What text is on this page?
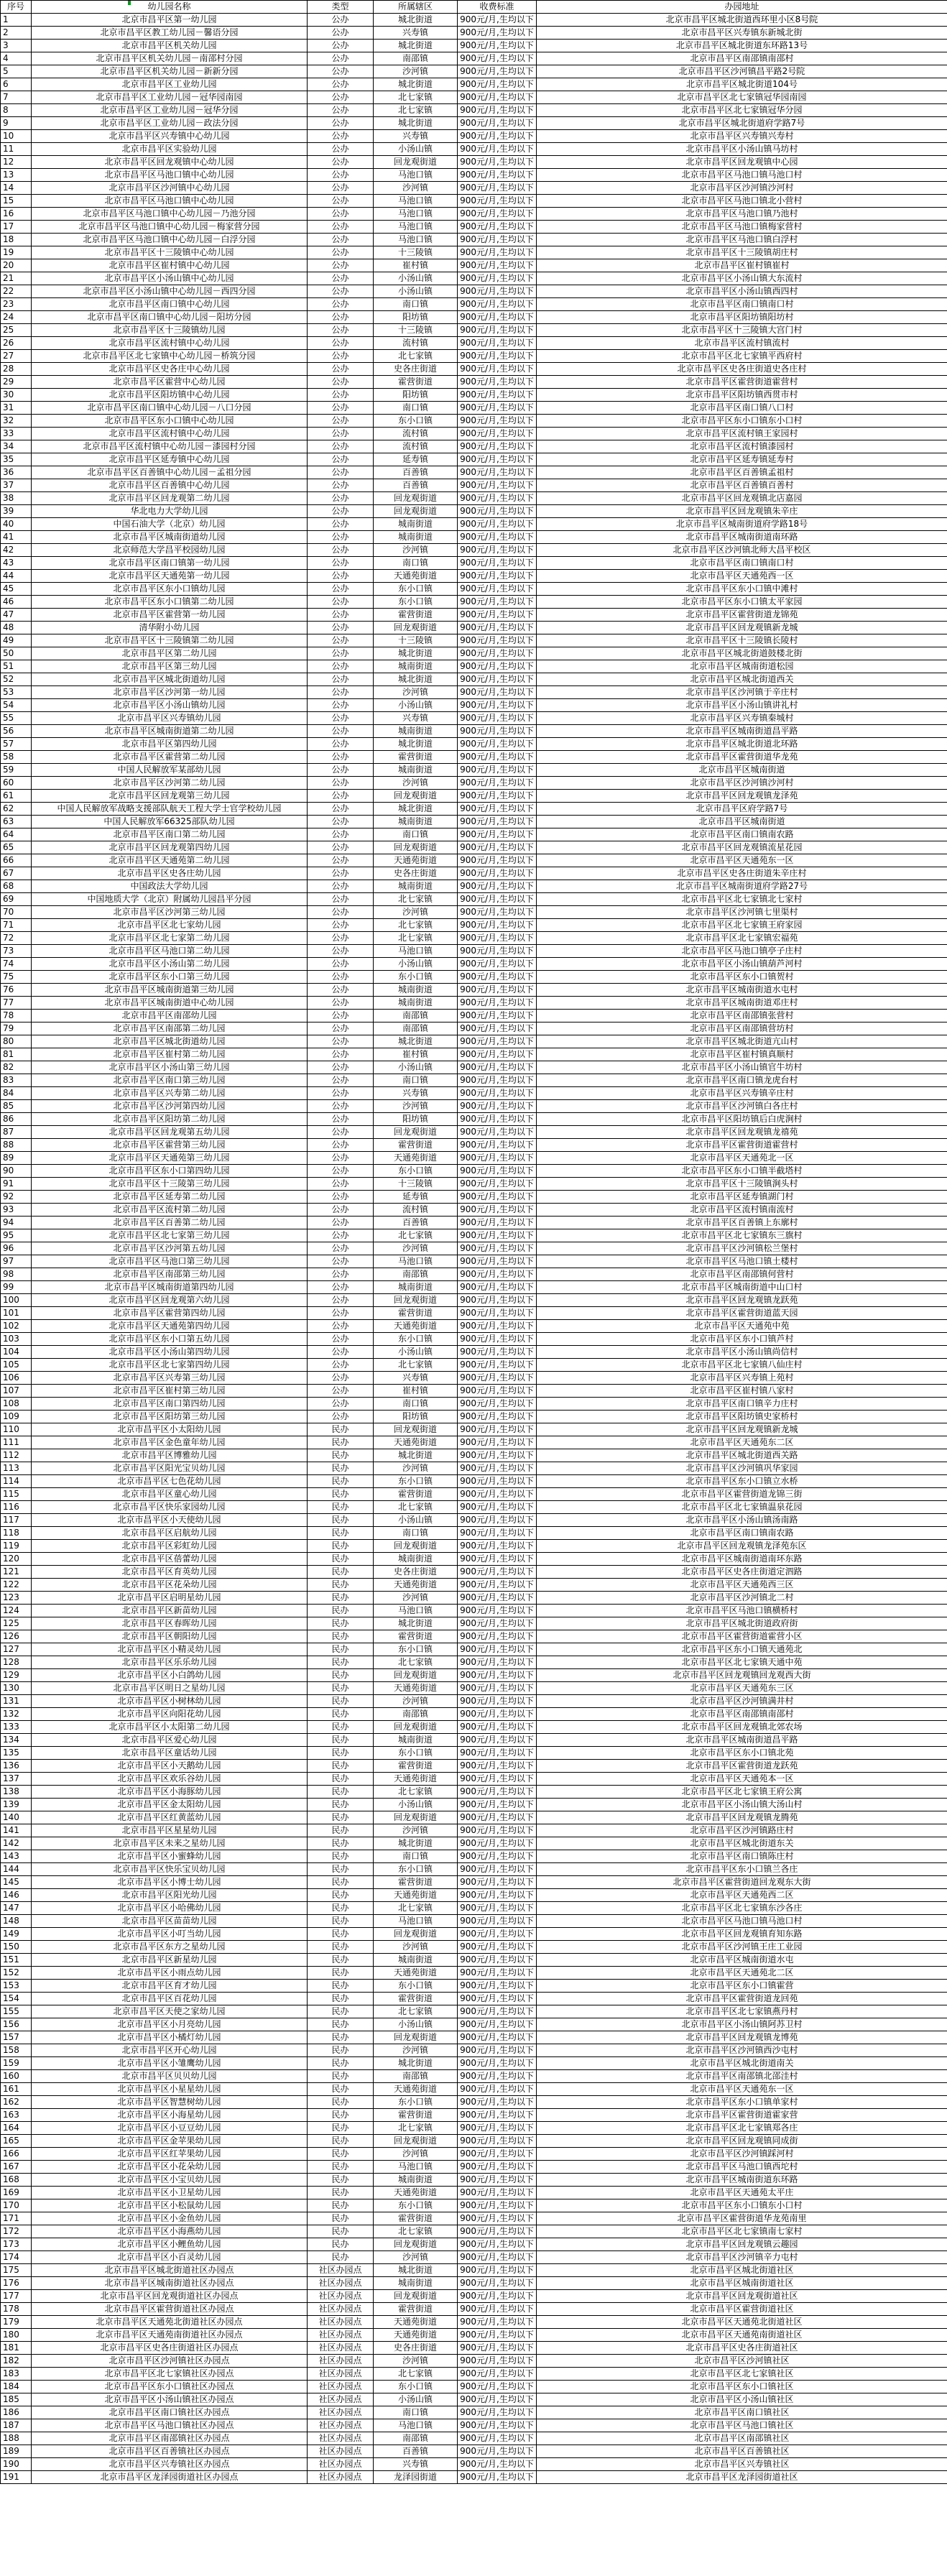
序号	幼儿园名称	类型	所属辖区	收费标准	办园地址
1	北京市昌平区第一幼儿园	公办	城北街道	900元/月,生均以下	北京市昌平区城北街道西环里小区8号院
2	北京市昌平区教工幼儿园－馨语分园	公办	兴寿镇	900元/月,生均以下	北京市昌平区兴寿镇东新城北街
3	北京市昌平区机关幼儿园	公办	城北街道	900元/月,生均以下	北京市昌平区城北街道东环路13号
4	北京市昌平区机关幼儿园－南邵村分园	公办	南邵镇	900元/月,生均以下	北京市昌平区南邵镇南邵村
5	北京市昌平区机关幼儿园－新新分园	公办	沙河镇	900元/月,生均以下	北京市昌平区沙河镇昌平路2号院
6	北京市昌平区工业幼儿园	公办	城北街道	900元/月,生均以下	北京市昌平区城北街道104号
7	北京市昌平区工业幼儿园－冠华园南园	公办	北七家镇	900元/月,生均以下	北京市昌平区北七家镇冠华园南园
8	北京市昌平区工业幼儿园－冠华分园	公办	北七家镇	900元/月,生均以下	北京市昌平区北七家镇冠华分园
9	北京市昌平区工业幼儿园－政法分园	公办	城北街道	900元/月,生均以下	北京市昌平区城北街道府学路7号
10	北京市昌平区兴寿镇中心幼儿园	公办	兴寿镇	900元/月,生均以下	北京市昌平区兴寿镇兴寿村
11	北京市昌平区实验幼儿园	公办	小汤山镇	900元/月,生均以下	北京市昌平区小汤山镇马坊村
12	北京市昌平区回龙观镇中心幼儿园	公办	回龙观街道	900元/月,生均以下	北京市昌平区回龙观镇中心园
13	北京市昌平区马池口镇中心幼儿园	公办	马池口镇	900元/月,生均以下	北京市昌平区马池口镇马池口村
14	北京市昌平区沙河镇中心幼儿园	公办	沙河镇	900元/月,生均以下	北京市昌平区沙河镇沙河村
15	北京市昌平区马池口镇中心幼儿园	公办	马池口镇	900元/月,生均以下	北京市昌平区马池口镇北小营村
16	北京市昌平区马池口镇中心幼儿园－乃池分园	公办	马池口镇	900元/月,生均以下	北京市昌平区马池口镇乃池村
17	北京市昌平区马池口镇中心幼儿园－梅家营分园	公办	马池口镇	900元/月,生均以下	北京市昌平区马池口镇梅家营村
18	北京市昌平区马池口镇中心幼儿园－白浮分园	公办	马池口镇	900元/月,生均以下	北京市昌平区马池口镇白浮村
19	北京市昌平区十三陵镇中心幼儿园	公办	十三陵镇	900元/月,生均以下	北京市昌平区十三陵镇胡庄村
20	北京市昌平区崔村镇中心幼儿园	公办	崔村镇	900元/月,生均以下	北京市昌平区崔村镇崔村
21	北京市昌平区小汤山镇中心幼儿园	公办	小汤山镇	900元/月,生均以下	北京市昌平区小汤山镇大东流村
22	北京市昌平区小汤山镇中心幼儿园－西四分园	公办	小汤山镇	900元/月,生均以下	北京市昌平区小汤山镇西四村
23	北京市昌平区南口镇中心幼儿园	公办	南口镇	900元/月,生均以下	北京市昌平区南口镇南口村
24	北京市昌平区南口镇中心幼儿园－阳坊分园	公办	阳坊镇	900元/月,生均以下	北京市昌平区阳坊镇阳坊村
25	北京市昌平区十三陵镇幼儿园	公办	十三陵镇	900元/月,生均以下	北京市昌平区十三陵镇大宫门村
26	北京市昌平区流村镇中心幼儿园	公办	流村镇	900元/月,生均以下	北京市昌平区流村镇流村
27	北京市昌平区北七家镇中心幼儿园－桥筑分园	公办	北七家镇	900元/月,生均以下	北京市昌平区北七家镇平西府村
28	北京市昌平区史各庄中心幼儿园	公办	史各庄街道	900元/月,生均以下	北京市昌平区史各庄街道史各庄村
29	北京市昌平区霍营中心幼儿园	公办	霍营街道	900元/月,生均以下	北京市昌平区霍营街道霍营村
30	北京市昌平区阳坊镇中心幼儿园	公办	阳坊镇	900元/月,生均以下	北京市昌平区阳坊镇西贯市村
31	北京市昌平区南口镇中心幼儿园－八口分园	公办	南口镇	900元/月,生均以下	北京市昌平区南口镇八口村
32	北京市昌平区东小口镇中心幼儿园	公办	东小口镇	900元/月,生均以下	北京市昌平区东小口镇东小口村
33	北京市昌平区流村镇中心幼儿园	公办	流村镇	900元/月,生均以下	北京市昌平区流村镇王家园村
34	北京市昌平区流村镇中心幼儿园－漆园村分园	公办	流村镇	900元/月,生均以下	北京市昌平区流村镇漆园村
35	北京市昌平区延寿镇中心幼儿园	公办	延寿镇	900元/月,生均以下	北京市昌平区延寿镇延寿村
36	北京市昌平区百善镇中心幼儿园－孟祖分园	公办	百善镇	900元/月,生均以下	北京市昌平区百善镇孟祖村
37	北京市昌平区百善镇中心幼儿园	公办	百善镇	900元/月,生均以下	北京市昌平区百善镇百善村
38	北京市昌平区回龙观第二幼儿园	公办	回龙观街道	900元/月,生均以下	北京市昌平区回龙观镇北店嘉园
39	华北电力大学幼儿园	公办	回龙观街道	900元/月,生均以下	北京市昌平区回龙观镇朱辛庄
40	中国石油大学（北京）幼儿园	公办	城南街道	900元/月,生均以下	北京市昌平区城南街道府学路18号
41	北京市昌平区城南街道幼儿园	公办	城南街道	900元/月,生均以下	北京市昌平区城南街道南环路
42	北京师范大学昌平校园幼儿园	公办	沙河镇	900元/月,生均以下	北京市昌平区沙河镇北师大昌平校区
43	北京市昌平区南口镇第一幼儿园	公办	南口镇	900元/月,生均以下	北京市昌平区南口镇南口村
44	北京市昌平区天通苑第一幼儿园	公办	天通苑街道	900元/月,生均以下	北京市昌平区天通苑西一区
45	北京市昌平区东小口镇幼儿园	公办	东小口镇	900元/月,生均以下	北京市昌平区东小口镇中滩村
46	北京市昌平区东小口镇第二幼儿园	公办	东小口镇	900元/月,生均以下	北京市昌平区东小口镇太平家园
47	北京市昌平区霍营第一幼儿园	公办	霍营街道	900元/月,生均以下	北京市昌平区霍营街道龙锦苑
48	清华附小幼儿园	公办	回龙观街道	900元/月,生均以下	北京市昌平区回龙观镇新龙城
49	北京市昌平区十三陵镇第二幼儿园	公办	十三陵镇	900元/月,生均以下	北京市昌平区十三陵镇长陵村
50	北京市昌平区第二幼儿园	公办	城北街道	900元/月,生均以下	北京市昌平区城北街道鼓楼北街
51	北京市昌平区第三幼儿园	公办	城南街道	900元/月,生均以下	北京市昌平区城南街道松园
52	北京市昌平区城北街道幼儿园	公办	城北街道	900元/月,生均以下	北京市昌平区城北街道西关
53	北京市昌平区沙河第一幼儿园	公办	沙河镇	900元/月,生均以下	北京市昌平区沙河镇于辛庄村
54	北京市昌平区小汤山镇幼儿园	公办	小汤山镇	900元/月,生均以下	北京市昌平区小汤山镇讲礼村
55	北京市昌平区兴寿镇幼儿园	公办	兴寿镇	900元/月,生均以下	北京市昌平区兴寿镇秦城村
56	北京市昌平区城南街道第二幼儿园	公办	城南街道	900元/月,生均以下	北京市昌平区城南街道昌平路
57	北京市昌平区第四幼儿园	公办	城北街道	900元/月,生均以下	北京市昌平区城北街道北环路
58	北京市昌平区霍营第二幼儿园	公办	霍营街道	900元/月,生均以下	北京市昌平区霍营街道华龙苑
59	中国人民解放军某部幼儿园	公办	城南街道	900元/月,生均以下	北京市昌平区城南街道
60	北京市昌平区沙河第二幼儿园	公办	沙河镇	900元/月,生均以下	北京市昌平区沙河镇沙河村
61	北京市昌平区回龙观第三幼儿园	公办	回龙观街道	900元/月,生均以下	北京市昌平区回龙观镇龙泽苑
62	中国人民解放军战略支援部队航天工程大学士官学校幼儿园	公办	城北街道	900元/月,生均以下	北京市昌平区府学路7号
63	中国人民解放军66325部队幼儿园	公办	城南街道	900元/月,生均以下	北京市昌平区城南街道
64	北京市昌平区南口第二幼儿园	公办	南口镇	900元/月,生均以下	北京市昌平区南口镇南农路
65	北京市昌平区回龙观第四幼儿园	公办	回龙观街道	900元/月,生均以下	北京市昌平区回龙观镇流星花园
66	北京市昌平区天通苑第二幼儿园	公办	天通苑街道	900元/月,生均以下	北京市昌平区天通苑东一区
67	北京市昌平区史各庄幼儿园	公办	史各庄街道	900元/月,生均以下	北京市昌平区史各庄街道朱辛庄村
68	中国政法大学幼儿园	公办	城南街道	900元/月,生均以下	北京市昌平区城南街道府学路27号
69	中国地质大学（北京）附属幼儿园昌平分园	公办	北七家镇	900元/月,生均以下	北京市昌平区北七家镇北七家村
70	北京市昌平区沙河第三幼儿园	公办	沙河镇	900元/月,生均以下	北京市昌平区沙河镇七里渠村
71	北京市昌平区北七家幼儿园	公办	北七家镇	900元/月,生均以下	北京市昌平区北七家镇王府家园
72	北京市昌平区北七家第二幼儿园	公办	北七家镇	900元/月,生均以下	北京市昌平区北七家镇宏福苑
73	北京市昌平区马池口第二幼儿园	公办	马池口镇	900元/月,生均以下	北京市昌平区马池口镇亭子庄村
74	北京市昌平区小汤山第二幼儿园	公办	小汤山镇	900元/月,生均以下	北京市昌平区小汤山镇葫芦河村
75	北京市昌平区东小口第三幼儿园	公办	东小口镇	900元/月,生均以下	北京市昌平区东小口镇贺村
76	北京市昌平区城南街道第三幼儿园	公办	城南街道	900元/月,生均以下	北京市昌平区城南街道水屯村
77	北京市昌平区城南街道中心幼儿园	公办	城南街道	900元/月,生均以下	北京市昌平区城南街道邓庄村
78	北京市昌平区南邵幼儿园	公办	南邵镇	900元/月,生均以下	北京市昌平区南邵镇张营村
79	北京市昌平区南邵第二幼儿园	公办	南邵镇	900元/月,生均以下	北京市昌平区南邵镇营坊村
80	北京市昌平区城北街道幼儿园	公办	城北街道	900元/月,生均以下	北京市昌平区城北街道亢山村
81	北京市昌平区崔村第二幼儿园	公办	崔村镇	900元/月,生均以下	北京市昌平区崔村镇真顺村
82	北京市昌平区小汤山第三幼儿园	公办	小汤山镇	900元/月,生均以下	北京市昌平区小汤山镇官牛坊村
83	北京市昌平区南口第三幼儿园	公办	南口镇	900元/月,生均以下	北京市昌平区南口镇龙虎台村
84	北京市昌平区兴寿第二幼儿园	公办	兴寿镇	900元/月,生均以下	北京市昌平区兴寿镇辛庄村
85	北京市昌平区沙河第四幼儿园	公办	沙河镇	900元/月,生均以下	北京市昌平区沙河镇白各庄村
86	北京市昌平区阳坊第二幼儿园	公办	阳坊镇	900元/月,生均以下	北京市昌平区阳坊镇后白虎涧村
87	北京市昌平区回龙观第五幼儿园	公办	回龙观街道	900元/月,生均以下	北京市昌平区回龙观镇龙禧苑
88	北京市昌平区霍营第三幼儿园	公办	霍营街道	900元/月,生均以下	北京市昌平区霍营街道霍营村
89	北京市昌平区天通苑第三幼儿园	公办	天通苑街道	900元/月,生均以下	北京市昌平区天通苑北一区
90	北京市昌平区东小口第四幼儿园	公办	东小口镇	900元/月,生均以下	北京市昌平区东小口镇半截塔村
91	北京市昌平区十三陵第三幼儿园	公办	十三陵镇	900元/月,生均以下	北京市昌平区十三陵镇涧头村
92	北京市昌平区延寿第二幼儿园	公办	延寿镇	900元/月,生均以下	北京市昌平区延寿镇湖门村
93	北京市昌平区流村第二幼儿园	公办	流村镇	900元/月,生均以下	北京市昌平区流村镇南流村
94	北京市昌平区百善第二幼儿园	公办	百善镇	900元/月,生均以下	北京市昌平区百善镇上东廓村
95	北京市昌平区北七家第三幼儿园	公办	北七家镇	900元/月,生均以下	北京市昌平区北七家镇东三旗村
96	北京市昌平区沙河第五幼儿园	公办	沙河镇	900元/月,生均以下	北京市昌平区沙河镇松兰堡村
97	北京市昌平区马池口第三幼儿园	公办	马池口镇	900元/月,生均以下	北京市昌平区马池口镇土楼村
98	北京市昌平区南邵第三幼儿园	公办	南邵镇	900元/月,生均以下	北京市昌平区南邵镇何营村
99	北京市昌平区城南街道第四幼儿园	公办	城南街道	900元/月,生均以下	北京市昌平区城南街道中山口村
100	北京市昌平区回龙观第六幼儿园	公办	回龙观街道	900元/月,生均以下	北京市昌平区回龙观镇龙跃苑
101	北京市昌平区霍营第四幼儿园	公办	霍营街道	900元/月,生均以下	北京市昌平区霍营街道蓝天园
102	北京市昌平区天通苑第四幼儿园	公办	天通苑街道	900元/月,生均以下	北京市昌平区天通苑中苑
103	北京市昌平区东小口第五幼儿园	公办	东小口镇	900元/月,生均以下	北京市昌平区东小口镇芦村
104	北京市昌平区小汤山第四幼儿园	公办	小汤山镇	900元/月,生均以下	北京市昌平区小汤山镇尚信村
105	北京市昌平区北七家第四幼儿园	公办	北七家镇	900元/月,生均以下	北京市昌平区北七家镇八仙庄村
106	北京市昌平区兴寿第三幼儿园	公办	兴寿镇	900元/月,生均以下	北京市昌平区兴寿镇上苑村
107	北京市昌平区崔村第三幼儿园	公办	崔村镇	900元/月,生均以下	北京市昌平区崔村镇八家村
108	北京市昌平区南口第四幼儿园	公办	南口镇	900元/月,生均以下	北京市昌平区南口镇辛力庄村
109	北京市昌平区阳坊第三幼儿园	公办	阳坊镇	900元/月,生均以下	北京市昌平区阳坊镇史家桥村
110	北京市昌平区小太阳幼儿园	民办	回龙观街道	900元/月,生均以下	北京市昌平区回龙观镇新龙城
111	北京市昌平区金色童年幼儿园	民办	天通苑街道	900元/月,生均以下	北京市昌平区天通苑东二区
112	北京市昌平区博雅幼儿园	民办	城北街道	900元/月,生均以下	北京市昌平区城北街道西关路
113	北京市昌平区阳光宝贝幼儿园	民办	沙河镇	900元/月,生均以下	北京市昌平区沙河镇巩华家园
114	北京市昌平区七色花幼儿园	民办	东小口镇	900元/月,生均以下	北京市昌平区东小口镇立水桥
115	北京市昌平区童心幼儿园	民办	霍营街道	900元/月,生均以下	北京市昌平区霍营街道龙锦三街
116	北京市昌平区快乐家园幼儿园	民办	北七家镇	900元/月,生均以下	北京市昌平区北七家镇温泉花园
117	北京市昌平区小天使幼儿园	民办	小汤山镇	900元/月,生均以下	北京市昌平区小汤山镇汤南路
118	北京市昌平区启航幼儿园	民办	南口镇	900元/月,生均以下	北京市昌平区南口镇南农路
119	北京市昌平区彩虹幼儿园	民办	回龙观街道	900元/月,生均以下	北京市昌平区回龙观镇龙泽苑东区
120	北京市昌平区蓓蕾幼儿园	民办	城南街道	900元/月,生均以下	北京市昌平区城南街道南环东路
121	北京市昌平区育英幼儿园	民办	史各庄街道	900元/月,生均以下	北京市昌平区史各庄街道定泗路
122	北京市昌平区花朵幼儿园	民办	天通苑街道	900元/月,生均以下	北京市昌平区天通苑西三区
123	北京市昌平区启明星幼儿园	民办	沙河镇	900元/月,生均以下	北京市昌平区沙河镇北二村
124	北京市昌平区新苗幼儿园	民办	马池口镇	900元/月,生均以下	北京市昌平区马池口镇横桥村
125	北京市昌平区春晖幼儿园	民办	城北街道	900元/月,生均以下	北京市昌平区城北街道政府街
126	北京市昌平区朝阳幼儿园	民办	霍营街道	900元/月,生均以下	北京市昌平区霍营街道霍营小区
127	北京市昌平区小精灵幼儿园	民办	东小口镇	900元/月,生均以下	北京市昌平区东小口镇天通苑北
128	北京市昌平区乐乐幼儿园	民办	北七家镇	900元/月,生均以下	北京市昌平区北七家镇天通中苑
129	北京市昌平区小白鸽幼儿园	民办	回龙观街道	900元/月,生均以下	北京市昌平区回龙观镇回龙观西大街
130	北京市昌平区明日之星幼儿园	民办	天通苑街道	900元/月,生均以下	北京市昌平区天通苑东三区
131	北京市昌平区小树林幼儿园	民办	沙河镇	900元/月,生均以下	北京市昌平区沙河镇满井村
132	北京市昌平区向阳花幼儿园	民办	南邵镇	900元/月,生均以下	北京市昌平区南邵镇南邵村
133	北京市昌平区小太阳第二幼儿园	民办	回龙观街道	900元/月,生均以下	北京市昌平区回龙观镇北郊农场
134	北京市昌平区爱心幼儿园	民办	城南街道	900元/月,生均以下	北京市昌平区城南街道昌平路
135	北京市昌平区童话幼儿园	民办	东小口镇	900元/月,生均以下	北京市昌平区东小口镇北苑
136	北京市昌平区小天鹅幼儿园	民办	霍营街道	900元/月,生均以下	北京市昌平区霍营街道龙跃苑
137	北京市昌平区欢乐谷幼儿园	民办	天通苑街道	900元/月,生均以下	北京市昌平区天通苑本一区
138	北京市昌平区小海豚幼儿园	民办	北七家镇	900元/月,生均以下	北京市昌平区北七家镇王府公寓
139	北京市昌平区金太阳幼儿园	民办	小汤山镇	900元/月,生均以下	北京市昌平区小汤山镇大汤山村
140	北京市昌平区红黄蓝幼儿园	民办	回龙观街道	900元/月,生均以下	北京市昌平区回龙观镇龙腾苑
141	北京市昌平区星星幼儿园	民办	沙河镇	900元/月,生均以下	北京市昌平区沙河镇路庄村
142	北京市昌平区未来之星幼儿园	民办	城北街道	900元/月,生均以下	北京市昌平区城北街道东关
143	北京市昌平区小蜜蜂幼儿园	民办	南口镇	900元/月,生均以下	北京市昌平区南口镇陈庄村
144	北京市昌平区快乐宝贝幼儿园	民办	东小口镇	900元/月,生均以下	北京市昌平区东小口镇兰各庄
145	北京市昌平区小博士幼儿园	民办	霍营街道	900元/月,生均以下	北京市昌平区霍营街道回龙观东大街
146	北京市昌平区阳光幼儿园	民办	天通苑街道	900元/月,生均以下	北京市昌平区天通苑西二区
147	北京市昌平区小哈佛幼儿园	民办	北七家镇	900元/月,生均以下	北京市昌平区北七家镇东沙各庄
148	北京市昌平区苗苗幼儿园	民办	马池口镇	900元/月,生均以下	北京市昌平区马池口镇马池口村
149	北京市昌平区小叮当幼儿园	民办	回龙观街道	900元/月,生均以下	北京市昌平区回龙观镇育知东路
150	北京市昌平区东方之星幼儿园	民办	沙河镇	900元/月,生均以下	北京市昌平区沙河镇王庄工业园
151	北京市昌平区新星幼儿园	民办	城南街道	900元/月,生均以下	北京市昌平区城南街道水屯
152	北京市昌平区小雨点幼儿园	民办	天通苑街道	900元/月,生均以下	北京市昌平区天通苑北二区
153	北京市昌平区育才幼儿园	民办	东小口镇	900元/月,生均以下	北京市昌平区东小口镇霍营
154	北京市昌平区百花幼儿园	民办	霍营街道	900元/月,生均以下	北京市昌平区霍营街道龙回苑
155	北京市昌平区天使之家幼儿园	民办	北七家镇	900元/月,生均以下	北京市昌平区北七家镇燕丹村
156	北京市昌平区小月亮幼儿园	民办	小汤山镇	900元/月,生均以下	北京市昌平区小汤山镇阿苏卫村
157	北京市昌平区小橘灯幼儿园	民办	回龙观街道	900元/月,生均以下	北京市昌平区回龙观镇龙博苑
158	北京市昌平区开心幼儿园	民办	沙河镇	900元/月,生均以下	北京市昌平区沙河镇西沙屯村
159	北京市昌平区小雏鹰幼儿园	民办	城北街道	900元/月,生均以下	北京市昌平区城北街道南关
160	北京市昌平区贝贝幼儿园	民办	南邵镇	900元/月,生均以下	北京市昌平区南邵镇北邵洼村
161	北京市昌平区小星星幼儿园	民办	天通苑街道	900元/月,生均以下	北京市昌平区天通苑东一区
162	北京市昌平区智慧树幼儿园	民办	东小口镇	900元/月,生均以下	北京市昌平区东小口镇单家村
163	北京市昌平区小海星幼儿园	民办	霍营街道	900元/月,生均以下	北京市昌平区霍营街道霍家营
164	北京市昌平区小豆豆幼儿园	民办	北七家镇	900元/月,生均以下	北京市昌平区北七家镇郑各庄
165	北京市昌平区金苹果幼儿园	民办	回龙观街道	900元/月,生均以下	北京市昌平区回龙观镇同成街
166	北京市昌平区红苹果幼儿园	民办	沙河镇	900元/月,生均以下	北京市昌平区沙河镇踩河村
167	北京市昌平区小花朵幼儿园	民办	马池口镇	900元/月,生均以下	北京市昌平区马池口镇西坨村
168	北京市昌平区小宝贝幼儿园	民办	城南街道	900元/月,生均以下	北京市昌平区城南街道东环路
169	北京市昌平区小卫星幼儿园	民办	天通苑街道	900元/月,生均以下	北京市昌平区天通苑太平庄
170	北京市昌平区小松鼠幼儿园	民办	东小口镇	900元/月,生均以下	北京市昌平区东小口镇东小口村
171	北京市昌平区小金鱼幼儿园	民办	霍营街道	900元/月,生均以下	北京市昌平区霍营街道华龙苑南里
172	北京市昌平区小海燕幼儿园	民办	北七家镇	900元/月,生均以下	北京市昌平区北七家镇南七家村
173	北京市昌平区小鲤鱼幼儿园	民办	回龙观街道	900元/月,生均以下	北京市昌平区回龙观镇云趣园
174	北京市昌平区小百灵幼儿园	民办	沙河镇	900元/月,生均以下	北京市昌平区沙河镇辛力屯村
175	北京市昌平区城北街道社区办园点	社区办园点	城北街道	900元/月,生均以下	北京市昌平区城北街道社区
176	北京市昌平区城南街道社区办园点	社区办园点	城南街道	900元/月,生均以下	北京市昌平区城南街道社区
177	北京市昌平区回龙观街道社区办园点	社区办园点	回龙观街道	900元/月,生均以下	北京市昌平区回龙观街道社区
178	北京市昌平区霍营街道社区办园点	社区办园点	霍营街道	900元/月,生均以下	北京市昌平区霍营街道社区
179	北京市昌平区天通苑北街道社区办园点	社区办园点	天通苑街道	900元/月,生均以下	北京市昌平区天通苑北街道社区
180	北京市昌平区天通苑南街道社区办园点	社区办园点	天通苑街道	900元/月,生均以下	北京市昌平区天通苑南街道社区
181	北京市昌平区史各庄街道社区办园点	社区办园点	史各庄街道	900元/月,生均以下	北京市昌平区史各庄街道社区
182	北京市昌平区沙河镇社区办园点	社区办园点	沙河镇	900元/月,生均以下	北京市昌平区沙河镇社区
183	北京市昌平区北七家镇社区办园点	社区办园点	北七家镇	900元/月,生均以下	北京市昌平区北七家镇社区
184	北京市昌平区东小口镇社区办园点	社区办园点	东小口镇	900元/月,生均以下	北京市昌平区东小口镇社区
185	北京市昌平区小汤山镇社区办园点	社区办园点	小汤山镇	900元/月,生均以下	北京市昌平区小汤山镇社区
186	北京市昌平区南口镇社区办园点	社区办园点	南口镇	900元/月,生均以下	北京市昌平区南口镇社区
187	北京市昌平区马池口镇社区办园点	社区办园点	马池口镇	900元/月,生均以下	北京市昌平区马池口镇社区
188	北京市昌平区南邵镇社区办园点	社区办园点	南邵镇	900元/月,生均以下	北京市昌平区南邵镇社区
189	北京市昌平区百善镇社区办园点	社区办园点	百善镇	900元/月,生均以下	北京市昌平区百善镇社区
190	北京市昌平区兴寿镇社区办园点	社区办园点	兴寿镇	900元/月,生均以下	北京市昌平区兴寿镇社区
191	北京市昌平区龙泽园街道社区办园点	社区办园点	龙泽园街道	900元/月,生均以下	北京市昌平区龙泽园街道社区
